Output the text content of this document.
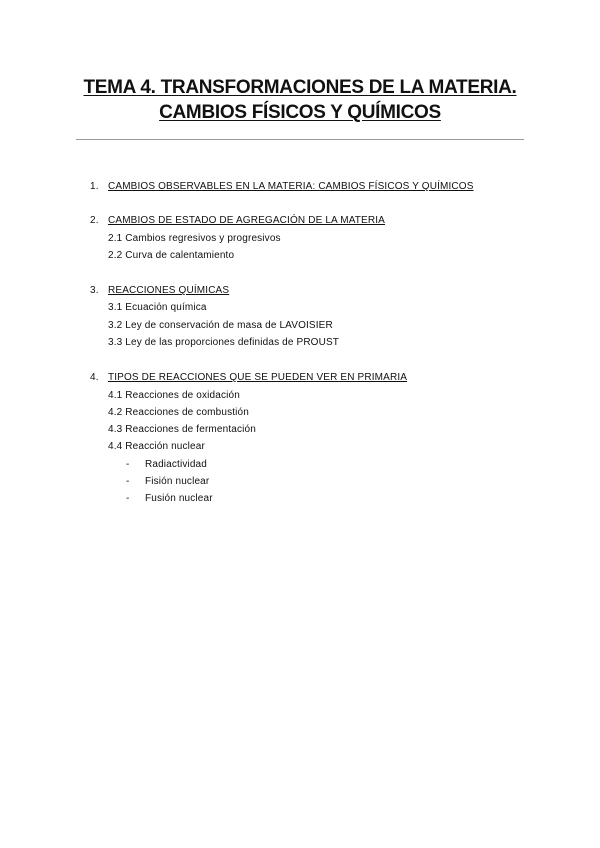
TEMA 4. TRANSFORMACIONES DE LA MATERIA.
CAMBIOS FÍSICOS Y QUÍMICOS
1. CAMBIOS OBSERVABLES EN LA MATERIA: CAMBIOS FÍSICOS Y QUÍMICOS
2. CAMBIOS DE ESTADO DE AGREGACIÓN DE LA MATERIA
2.1 Cambios regresivos y progresivos
2.2 Curva de calentamiento
3. REACCIONES QUÍMICAS
3.1 Ecuación química
3.2 Ley de conservación de masa de LAVOISIER
3.3 Ley de las proporciones definidas de PROUST
4. TIPOS DE REACCIONES QUE SE PUEDEN VER EN PRIMARIA
4.1 Reacciones de oxidación
4.2 Reacciones de combustión
4.3 Reacciones de fermentación
4.4 Reacción nuclear
- Radiactividad
- Fisión nuclear
- Fusión nuclear
